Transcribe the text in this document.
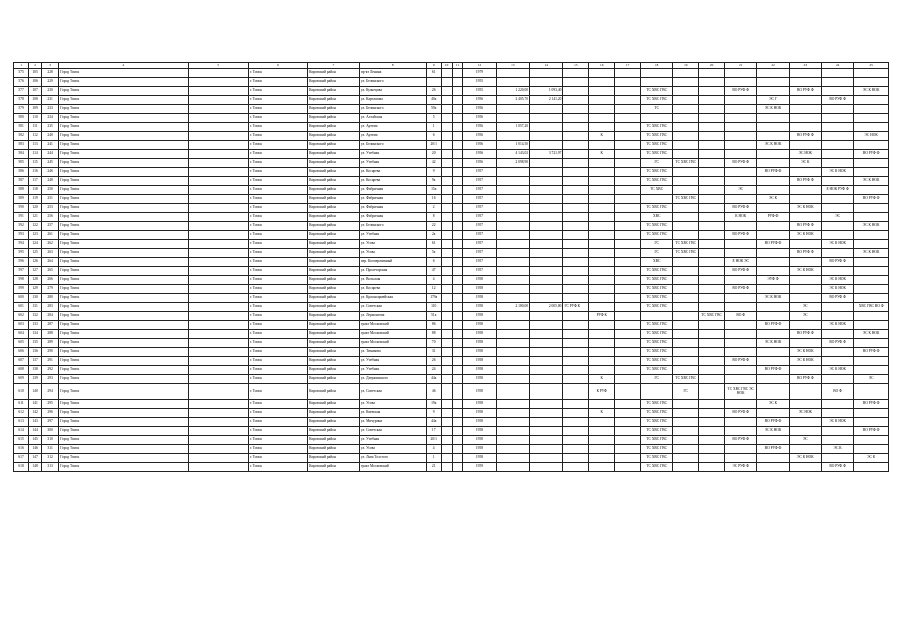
1	2	3	4	5	6	7	8	9	10	11	12	13	14	15	16	17	18	19	20	21	22	23	24	25
575	105	228	Город Томск		г. Томск	Кировский район	пр-кт Ленина	61			1979													
576	106	229	Город Томск		г. Томск	Кировский район	ул. Белинского				1955													
577	107	230	Город Томск		г. Томск	Кировский район	ул. Кузнецова	26			1955	1 220,00	1 093,40				ТС ХВС ГВС			ВО РУФ Ф		ВО РУФ Ф		ЭС К НОК
578	108	231	Город Томск		г. Томск	Кировский район	ул. Карташова	40а			1956	2 405,70	2 141,20				ТС ХВС ГВС				ЭС Г		ВО РУФ Ф	
579	109	233	Город Томск		г. Томск	Кировский район	ул. Белинского	59а			1956						ТС				ЭС К НОК			
580	110	234	Город Томск		г. Томск	Кировский район	ул. Алтайская	5			1956													
581	111	235	Город Томск		г. Томск	Кировский район	ул. Артема	1			1956	1 057,20					ТС ХВС ГВС							
582	112	240	Город Томск		г. Томск	Кировский район	ул. Артема	6			1956				К		ТС ХВС ГВС					ВО РУФ Ф		ЭС НОК
583	113	241	Город Томск		г. Томск	Кировский район	ул. Белинского	20/1			1956	1 014,50					ТС ХВС ГВС				ЭС К НОК			
584	114	244	Город Томск		г. Томск	Кировский район	ул. Учебная	20			1956	4 143,02	3 721,97		К		ТС ХВС ГВС					ЭС НОК		ВО РУФ Ф
585	115	245	Город Томск		г. Томск	Кировский район	ул. Учебная	42			1956	2 098,90					ГС	ТС ХВС ГВС		ВО РУФ Ф		ЭС К		
586	116	246	Город Томск		г. Томск	Кировский район	ул. Косарева	9			1957						ТС ХВС ГВС				ВО РУФ Ф		ЭС К НОК	
587	117	248	Город Томск		г. Томск	Кировский район	ул. Косарева	9а			1957						ТС ХВС ГВС					ВО РУФ Ф		ЭС К НОК
588	118	250	Город Томск		г. Томск	Кировский район	ул. Фабричная	15а			1957						ТС ХВС			ЭС			Е НОК РУФ Ф	
589	119	251	Город Томск		г. Томск	Кировский район	ул. Фабричная	16			1957							ТС ХВС ГВС			ЭС К			ВО РУФ Ф
590	120	253	Город Томск		г. Томск	Кировский район	ул. Фабричная	2			1957						ТС ХВС ГВС			ВО РУФ Ф		ЭС К НОК		
591	121	256	Город Томск		г. Томск	Кировский район	ул. Фабричная	8			1957						ХВС			К НОК	РУФ Ф		ЭС	
592	122	257	Город Томск		г. Томск	Кировский район	ул. Белинского	22			1957						ТС ХВС ГВС					ВО РУФ Ф		ЭС К НОК
593	123	261	Город Томск		г. Томск	Кировский район	ул. Учебная	2а			1957						ТС ХВС ГВС			ВО РУФ Ф		ЭС К НОК		
594	124	262	Город Томск		г. Томск	Кировский район	ул. Усова	61			1957						ГС	ТС ХВС ГВС			ВО РУФ Ф		ЭС К НОК	
595	125	263	Город Томск		г. Томск	Кировский район	ул. Усова	5а			1957						ГС	ТС ХВС ГВС				ВО РУФ Ф		ЭС К НОК
596	126	264	Город Томск		г. Томск	Кировский район	пер. Кооперативный	6			1957						ХВС			Е НОК ЭС			ВО РУФ Ф	
597	127	265	Город Томск		г. Томск	Кировский район	ул. Пролетарская	47			1957						ТС ХВС ГВС			ВО РУФ Ф		ЭС К НОК		
598	128	266	Город Томск		г. Томск	Кировский район	ул. Вольская	4			1958						ТС ХВС ГВС				ЭУФ Ф		ЭС К НОК	
599	129	279	Город Томск		г. Томск	Кировский район	ул. Косарева	12			1958						ТС ХВС ГВС			ВО РУФ Ф			ЭС К НОК	
600	130	280	Город Томск		г. Томск	Кировский район	ул. Красноармейская	179а			1958						ТС ХВС ГВС				ЭС К НОК		ВО РУФ Ф	
601	131	283	Город Томск		г. Томск	Кировский район	ул. Советская	110			1958	2 180,00	2 005,80	ГС РУФ К			ТС ХВС ГВС					ЭС		ХВС ГВС ВО Ф
602	132	284	Город Томск		г. Томск	Кировский район	ул. Лермонтова	51а			1958				РУФ К				ТС ХВС ГВС	ВО Ф		ЭС		
603	133	287	Город Томск		г. Томск	Кировский район	тракт Московский	86			1958						ТС ХВС ГВС				ВО РУФ Ф		ЭС К НОК	
604	134	288	Город Томск		г. Томск	Кировский район	тракт Московский	88			1958						ТС ХВС ГВС					ВО РУФ Ф		ЭС К НОК
605	135	289	Город Томск		г. Томск	Кировский район	тракт Московский	70			1958						ТС ХВС ГВС				ЭС К НОК		ВО РУФ Ф	
606	136	290	Город Томск		г. Томск	Кировский район	ул. Тимакова	31			1958						ТС ХВС ГВС					ЭС К НОК		ВО РУФ Ф
607	137	291	Город Томск		г. Томск	Кировский район	ул. Учебная	26			1958						ТС ХВС ГВС			ВО РУФ Ф		ЭС К НОК		
608	138	292	Город Томск		г. Томск	Кировский район	ул. Учебная	24			1958						ТС ХВС ГВС				ВО РУФ Ф		ЭС К НОК	
609	139	293	Город Томск		г. Томск	Кировский район	ул. Дзержинского	44а			1958				К		ГС	ТС ХВС ГВС				ВО РУФ Ф		ЭС
610	140	294	Город Томск		г. Томск	Кировский район	ул. Советская	46			1958				К РУФ			ГС		ТС ХВС ГВС ЭС НОК			ВО Ф	
611	141	295	Город Томск		г. Томск	Кировский район	ул. Усова	19а			1958						ТС ХВС ГВС				ЭС К			ВО РУФ Ф
612	142	296	Город Томск		г. Томск	Кировский район	ул. Киевская	9			1958				К		ТС ХВС ГВС			ВО РУФ Ф		ЭС НОК		
613	143	297	Город Томск		г. Томск	Кировский район	ул. Мичурина	44а			1958						ТС ХВС ГВС				ВО РУФ Ф		ЭС К НОК	
614	144	300	Город Томск		г. Томск	Кировский район	ул. Советская	17			1958						ТС ХВС ГВС				ЭС К НОК			ВО РУФ Ф
615	145	310	Город Томск		г. Томск	Кировский район	ул. Учебная	20/1			1958						ТС ХВС ГВС			ВО РУФ Ф		ЭС		
616	146	311	Город Томск		г. Томск	Кировский район	ул. Усова	4			1958						ТС ХВС ГВС				ВО РУФ Ф		ЭС К	
617	147	312	Город Томск		г. Томск	Кировский район	ул. Льва Толстого	1			1958						ТС ХВС ГВС					ЭС К НОК		ЭС К
618	148	313	Город Томск		г. Томск	Кировский район	тракт Московский	21			1959						ТС ХВС ГВС			ЭС РУФ Ф			ВО РУФ Ф	
